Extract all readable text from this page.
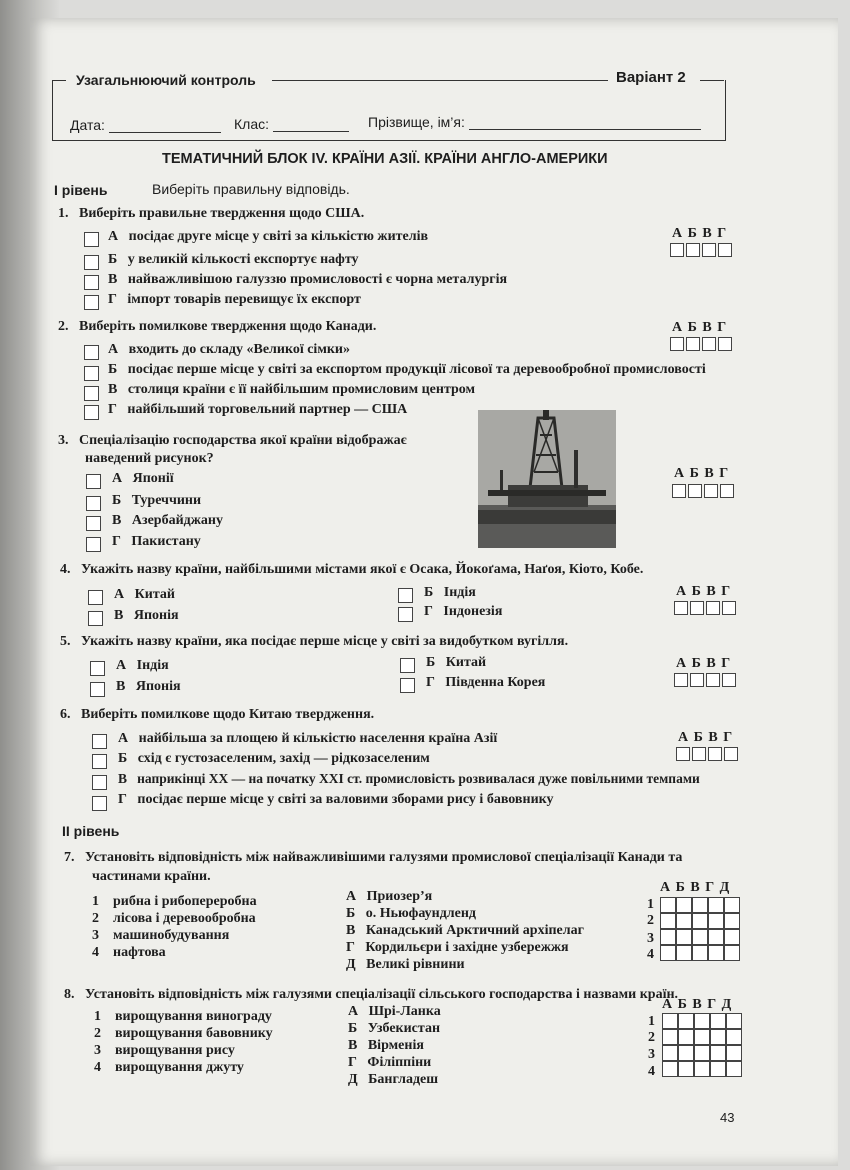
Узагальнюючий контроль	Варіант 2
Дата:	Клас:	Прізвище, ім’я:
ТЕМАТИЧНИЙ БЛОК IV. КРАЇНИ АЗІЇ. КРАЇНИ АНГЛО-АМЕРИКИ
І рівень	Виберіть правильну відповідь.
1. Виберіть правильне твердження щодо США.
А посідає друге місце у світі за кількістю жителів
Б у великій кількості експортує нафту
В найважливішою галуззю промисловості є чорна металургія
Г імпорт товарів перевищує їх експорт
А Б В Г
2. Виберіть помилкове твердження щодо Канади.
А входить до складу «Великої сімки»
Б посідає перше місце у світі за експортом продукції лісової та деревообробної промисловості
В столиця країни є її найбільшим промисловим центром
Г найбільший торговельний партнер — США
А Б В Г
3. Спеціалізацію господарства якої країни відображає
наведений рисунок?
А Японії
Б Туреччини
В Азербайджану
Г Пакистану
А Б В Г
4. Укажіть назву країни, найбільшими містами якої є Осака, Йокоґама, Наґоя, Кіото, Кобе.
А Китай	Б Індія
В Японія	Г Індонезія
А Б В Г
5. Укажіть назву країни, яка посідає перше місце у світі за видобутком вугілля.
А Індія	Б Китай
В Японія	Г Південна Корея
А Б В Г
6. Виберіть помилкове щодо Китаю твердження.
А найбільша за площею й кількістю населення країна Азії
Б схід є густозаселеним, захід — рідкозаселеним
В наприкінці XX — на початку XXI ст. промисловість розвивалася дуже повільними темпами
Г посідає перше місце у світі за валовими зборами рису і бавовнику
А Б В Г
ІІ рівень
7. Установіть відповідність між найважливішими галузями промислової спеціалізації Канади та
частинами країни.
1 рибна і рибопереробна
2 лісова і деревообробна
3 машинобудування
4 нафтова
А Приозер’я
Б о. Ньюфаундленд
В Канадський Арктичний архіпелаг
Г Кордильєри і західне узбережжя
Д Великі рівнини
А Б В Г Д
1
2
3
4
8. Установіть відповідність між галузями спеціалізації сільського господарства і назвами країн.
1 вирощування винограду
2 вирощування бавовнику
3 вирощування рису
4 вирощування джуту
А Шрі-Ланка
Б Узбекистан
В Вірменія
Г Філіппіни
Д Бангладеш
А Б В Г Д
1
2
3
4
43
